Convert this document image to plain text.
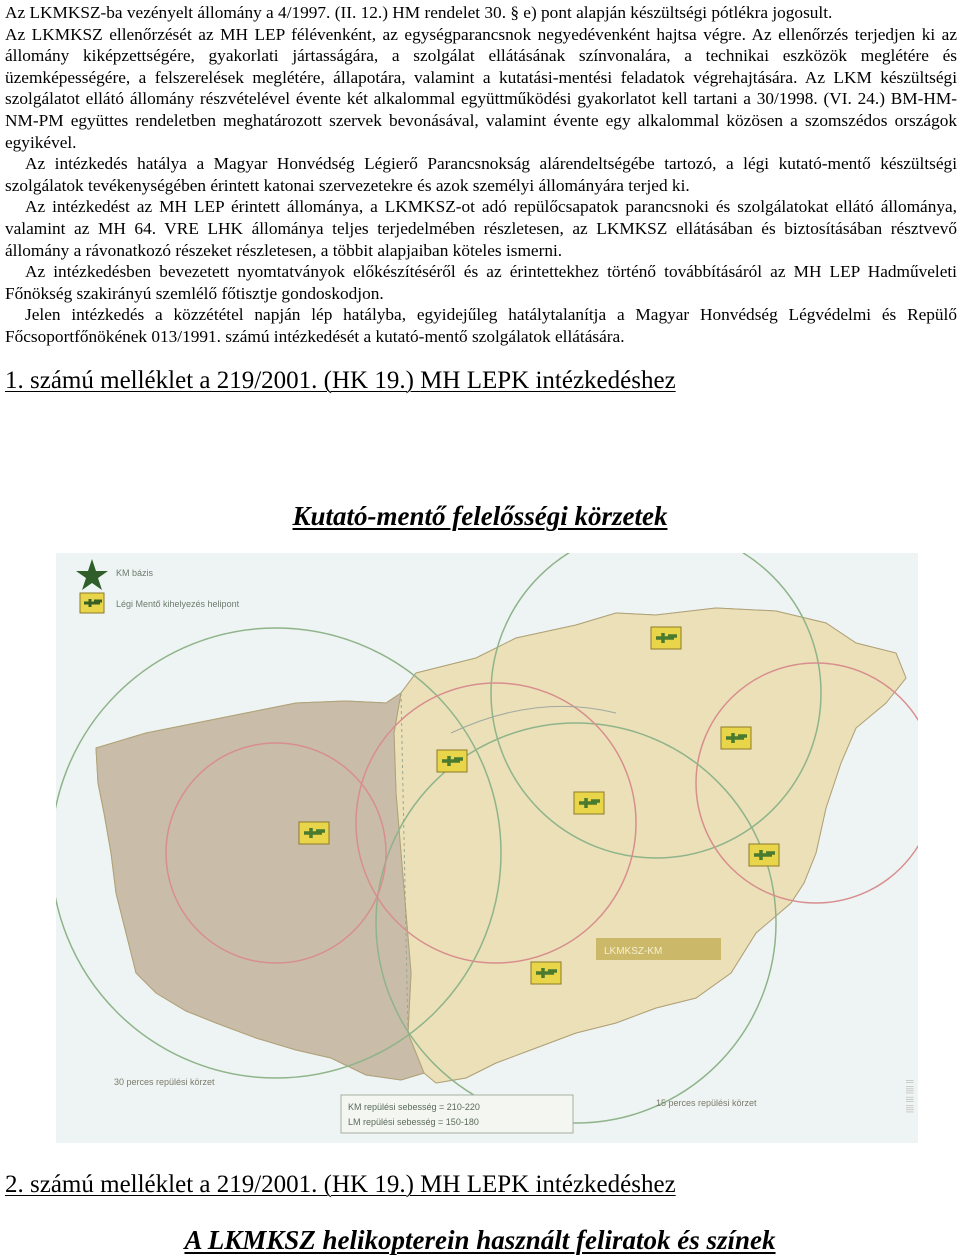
Az LKMKSZ-ba vezényelt állomány a 4/1997. (II. 12.) HM rendelet 30. § e) pont alapján készültségi pótlékra jogosult.

Az LKMKSZ ellenőrzését az MH LEP félévenként, az egységparancsnok negyedévenként hajtsa végre. Az ellenőrzés terjedjen ki az állomány kiképzettségére, gyakorlati jártasságára, a szolgálat ellátásának színvonalára, a technikai eszközök meglétére és üzemképességére, a felszerelések meglétére, állapotára, valamint a kutatási-mentési feladatok végrehajtására. Az LKM készültségi szolgálatot ellátó állomány részvételével évente két alkalommal együttműködési gyakorlatot kell tartani a 30/1998. (VI. 24.) BM-HM-NM-PM együttes rendeletben meghatározott szervek bevonásával, valamint évente egy alkalommal közösen a szomszédos országok egyikével.

Az intézkedés hatálya a Magyar Honvédség Légierő Parancsnokság alárendeltségébe tartozó, a légi kutató-mentő készültségi szolgálatok tevékenységében érintett katonai szervezetekre és azok személyi állományára terjed ki.

Az intézkedést az MH LEP érintett állománya, a LKMKSZ-ot adó repülőcsapatok parancsnoki és szolgálatokat ellátó állománya, valamint az MH 64. VRE LHK állománya teljes terjedelmében részletesen, az LKMKSZ ellátásában és biztosításában résztvevő állomány a rávonatkozó részeket részletesen, a többit alapjaiban köteles ismerni.

Az intézkedésben bevezetett nyomtatványok előkészítéséről és az érintettekhez történő továbbításáról az MH LEP Hadműveleti Főnökség szakirányú szemlélő főtisztje gondoskodjon.

Jelen intézkedés a közzététel napján lép hatályba, egyidejűleg hatálytalanítja a Magyar Honvédség Légvédelmi és Repülő Főcsoportfőnökének 013/1991. számú intézkedését a kutató-mentő szolgálatok ellátására.

1. számú melléklet a 219/2001. (HK 19.) MH LEPK intézkedéshez
Kutató-mentő felelősségi körzetek
KM bázis
Légi Mentő kihelyezés helipont
30 perces repülési körzet
15 perces repülési körzet
KM repülési sebesség = 210-220
LM repülési sebesség = 150-180
LKMKSZ-KM
|||| ||| |||| ||
2. számú melléklet a 219/2001. (HK 19.) MH LEPK intézkedéshez
A LKMKSZ helikopterein használt feliratok és színek
